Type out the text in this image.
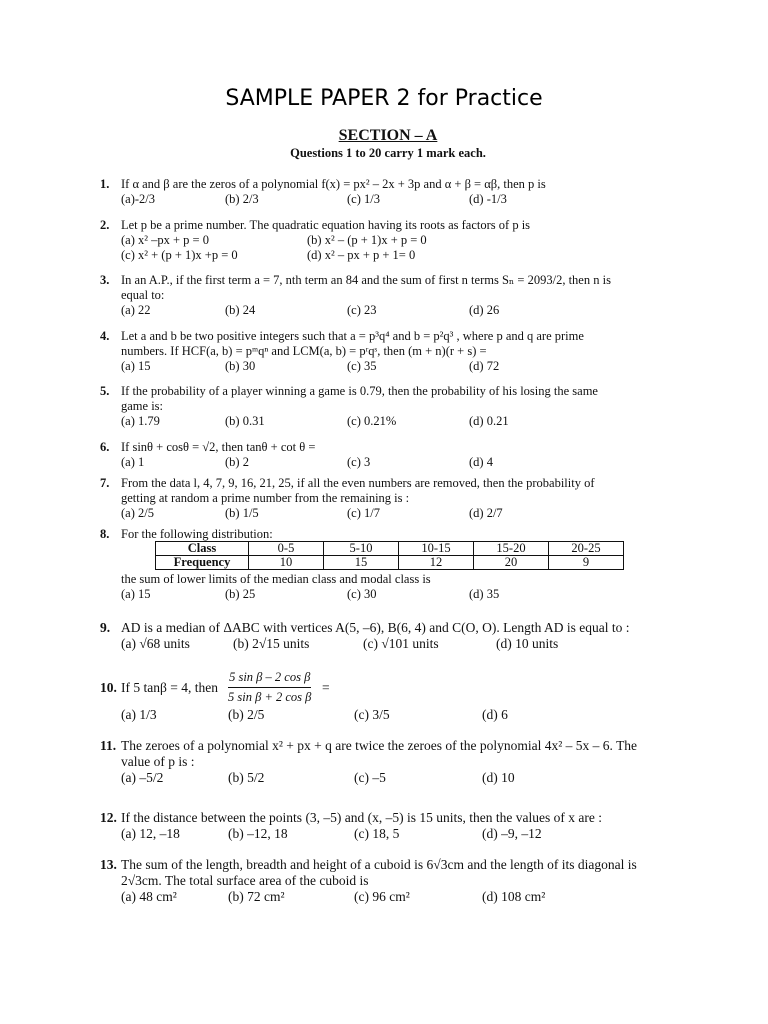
SAMPLE PAPER 2 for Practice
SECTION – A
Questions 1 to 20 carry 1 mark each.
1. If α and β are the zeros of a polynomial f(x) = px² – 2x + 3p and α + β = αβ, then p is
(a)-2/3	(b) 2/3	(c) 1/3	(d) -1/3
2. Let p be a prime number. The quadratic equation having its roots as factors of p is
(a) x² –px + p = 0	(b) x² – (p + 1)x + p = 0
(c) x² + (p + 1)x +p = 0	(d) x² – px + p + 1= 0
3. In an A.P., if the first term a = 7, nth term an 84 and the sum of first n terms Sₙ = 2093/2, then n is
equal to:
(a) 22	(b) 24	(c) 23	(d) 26
4. Let a and b be two positive integers such that a = p³q⁴ and b = p²q³ , where p and q are prime
numbers. If HCF(a, b) = pᵐqⁿ and LCM(a, b) = pʳqˢ, then (m + n)(r + s) =
(a) 15	(b) 30	(c) 35	(d) 72
5. If the probability of a player winning a game is 0.79, then the probability of his losing the same
game is:
(a) 1.79	(b) 0.31	(c) 0.21%	(d) 0.21
6. If sinθ + cosθ = √2, then tanθ + cot θ =
(a) 1	(b) 2	(c) 3	(d) 4
7. From the data l, 4, 7, 9, 16, 21, 25, if all the even numbers are removed, then the probability of
getting at random a prime number from the remaining is :
(a) 2/5	(b) 1/5	(c) 1/7	(d) 2/7
8. For the following distribution:
the sum of lower limits of the median class and modal class is
(a) 15	(b) 25	(c) 30	(d) 35
Class	0-5	5-10	10-15	15-20	20-25
Frequency	10	15	12	20	9
9. AD is a median of ΔABC with vertices A(5, –6), B(6, 4) and C(O, O). Length AD is equal to :
(a) √68 units	(b) 2√15 units	(c) √101 units	(d) 10 units
10. If 5 tanβ = 4, then
(a) 1/3	(b) 2/5	(c) 3/5	(d) 6
5 sin β – 2 cos β
5 sin β + 2 cos β
=
11. The zeroes of a polynomial x² + px + q are twice the zeroes of the polynomial 4x² – 5x – 6. The
value of p is :
(a) –5/2	(b) 5/2	(c) –5	(d) 10
12. If the distance between the points (3, –5) and (x, –5) is 15 units, then the values of x are :
(a) 12, –18	(b) –12, 18	(c) 18, 5	(d) –9, –12
13. The sum of the length, breadth and height of a cuboid is 6√3cm and the length of its diagonal is
2√3cm. The total surface area of the cuboid is
(a) 48 cm²	(b) 72 cm²	(c) 96 cm²	(d) 108 cm²
